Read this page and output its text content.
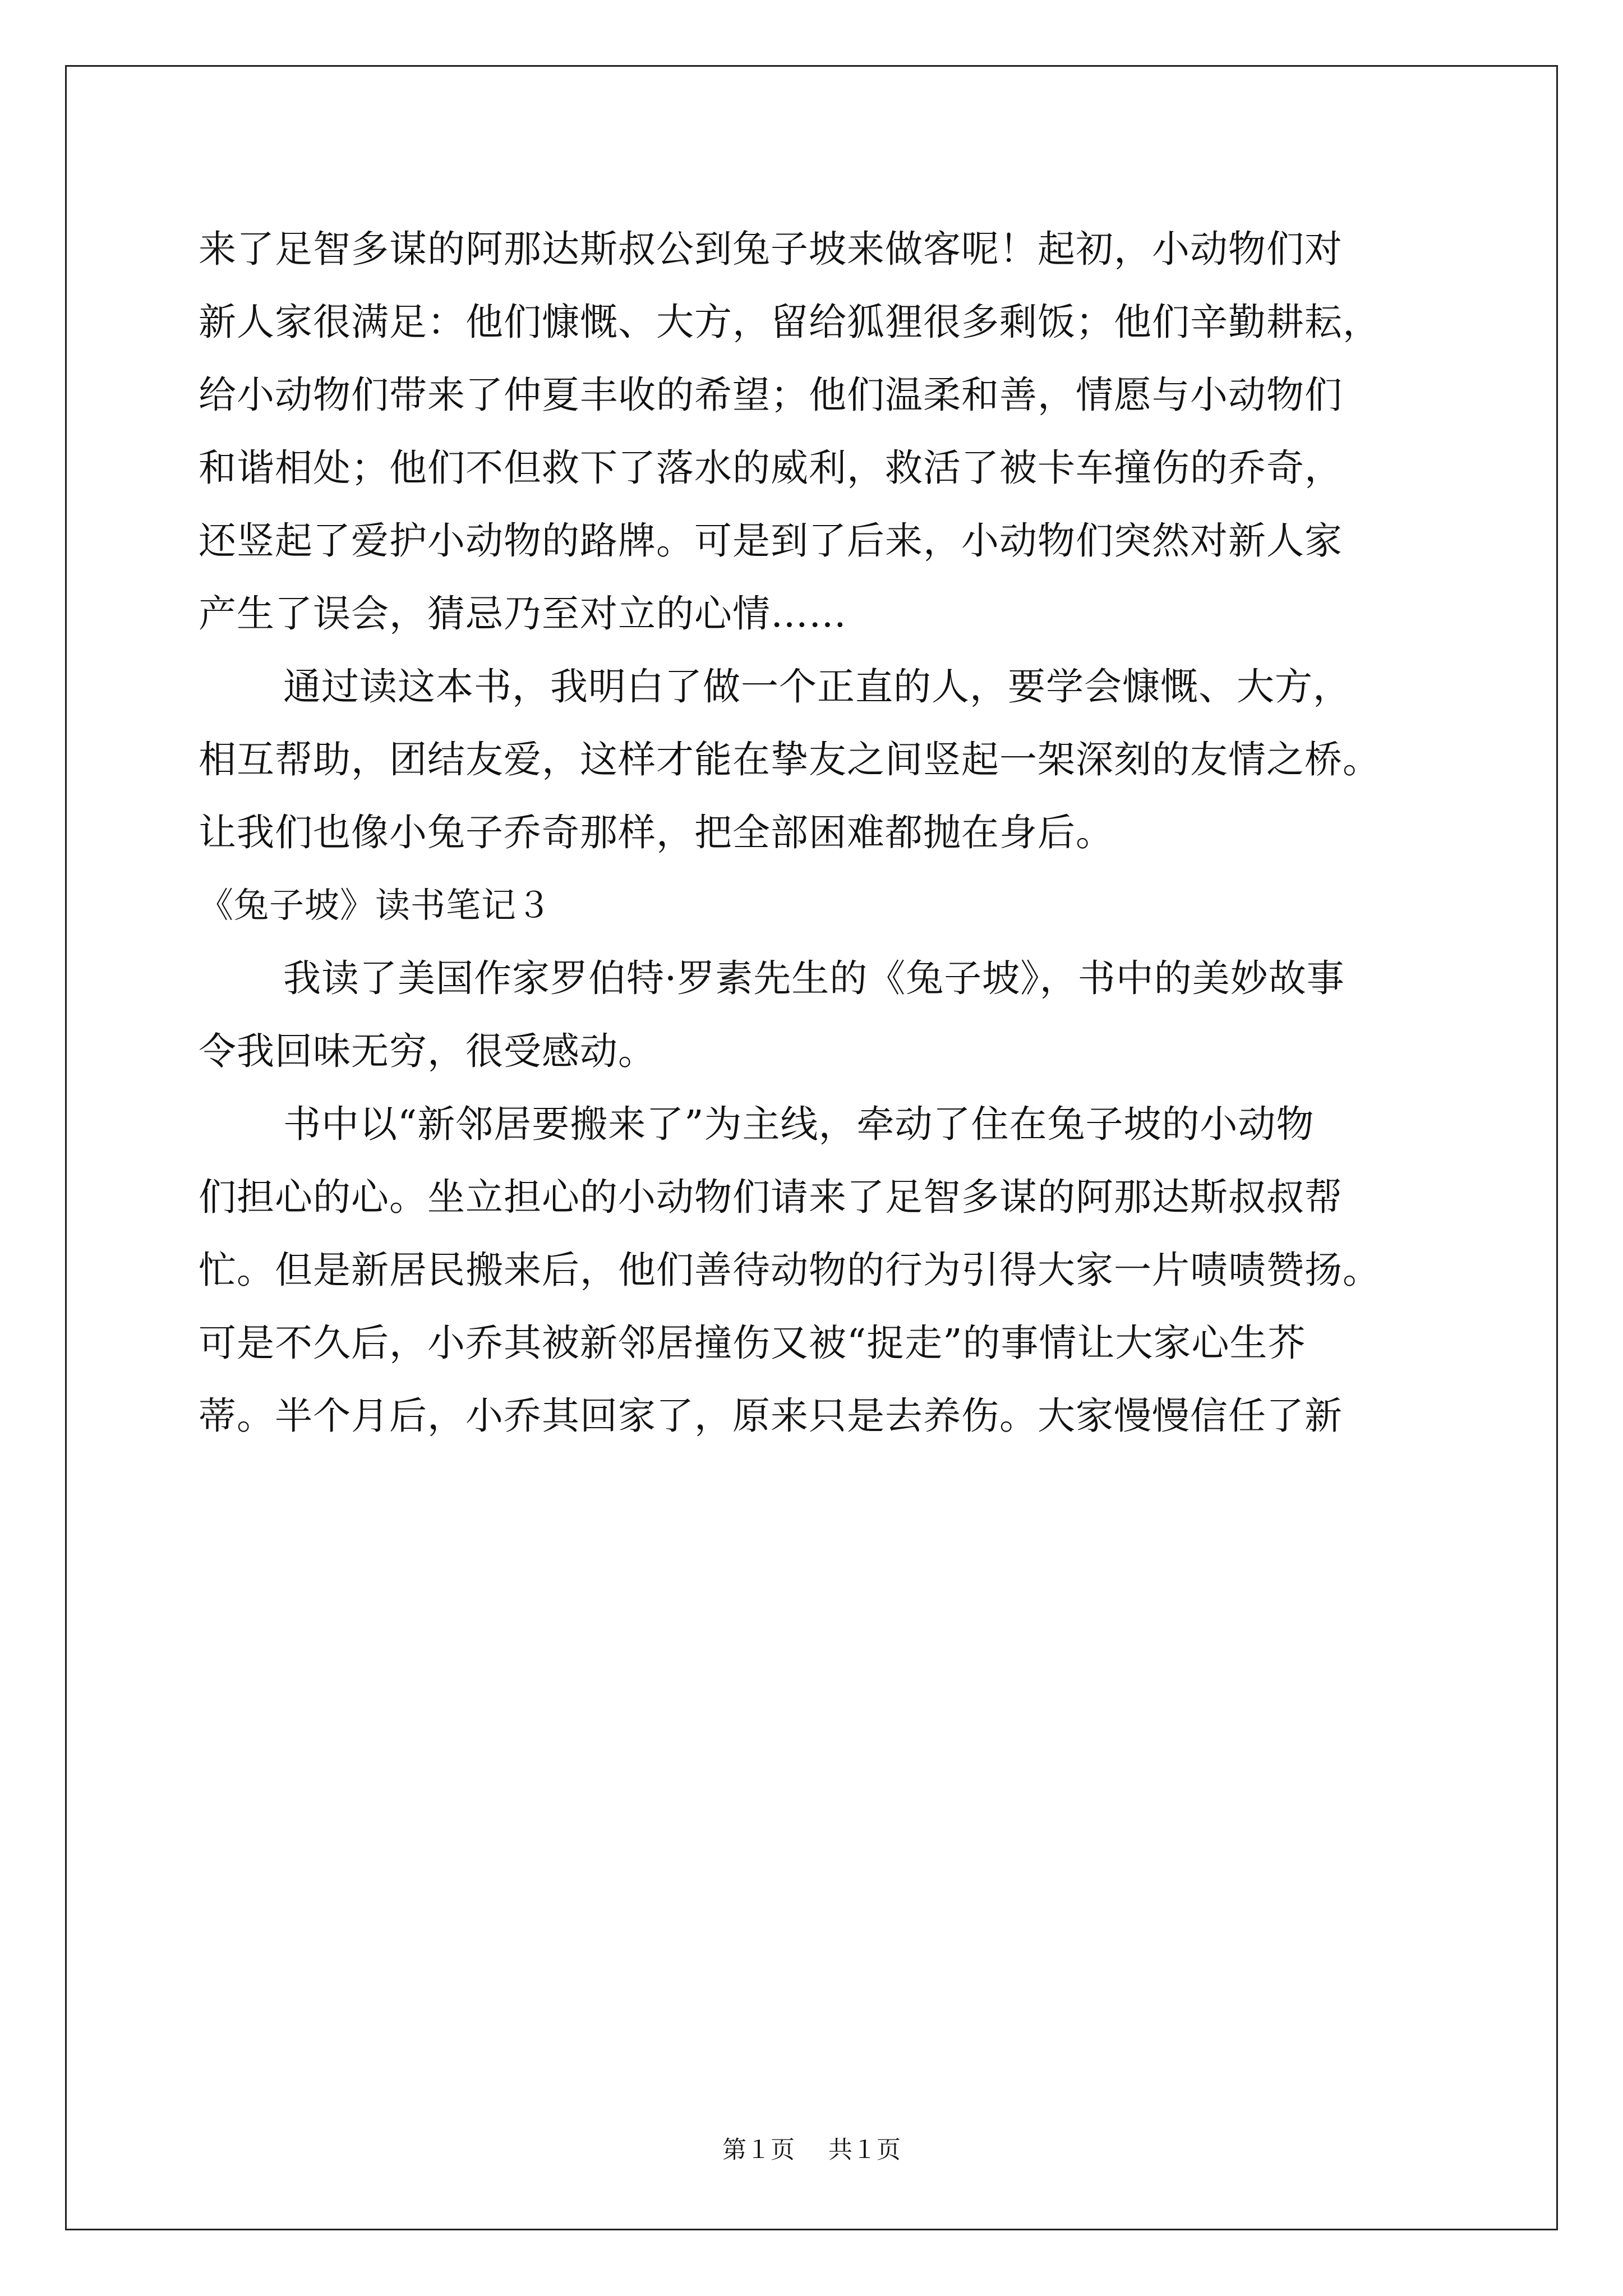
来了足智多谋的阿那达斯叔公到兔子坡来做客呢！起初，小动物们对
新人家很满足：他们慷慨、大方，留给狐狸很多剩饭；他们辛勤耕耘，
给小动物们带来了仲夏丰收的希望；他们温柔和善，情愿与小动物们
和谐相处；他们不但救下了落水的威利，救活了被卡车撞伤的乔奇，
还竖起了爱护小动物的路牌。可是到了后来，小动物们突然对新人家
产生了误会，猜忌乃至对立的心情……
通过读这本书，我明白了做一个正直的人，要学会慷慨、大方，
相互帮助，团结友爱，这样才能在挚友之间竖起一架深刻的友情之桥。
让我们也像小兔子乔奇那样，把全部困难都抛在身后。
《兔子坡》读书笔记３
我读了美国作家罗伯特·罗素先生的《兔子坡》，书中的美妙故事
令我回味无穷，很受感动。
书中以“新邻居要搬来了”为主线，牵动了住在兔子坡的小动物
们担心的心。坐立担心的小动物们请来了足智多谋的阿那达斯叔叔帮
忙。但是新居民搬来后，他们善待动物的行为引得大家一片啧啧赞扬。
可是不久后，小乔其被新邻居撞伤又被“捉走”的事情让大家心生芥
蒂。半个月后，小乔其回家了，原来只是去养伤。大家慢慢信任了新
第１页 共１页
